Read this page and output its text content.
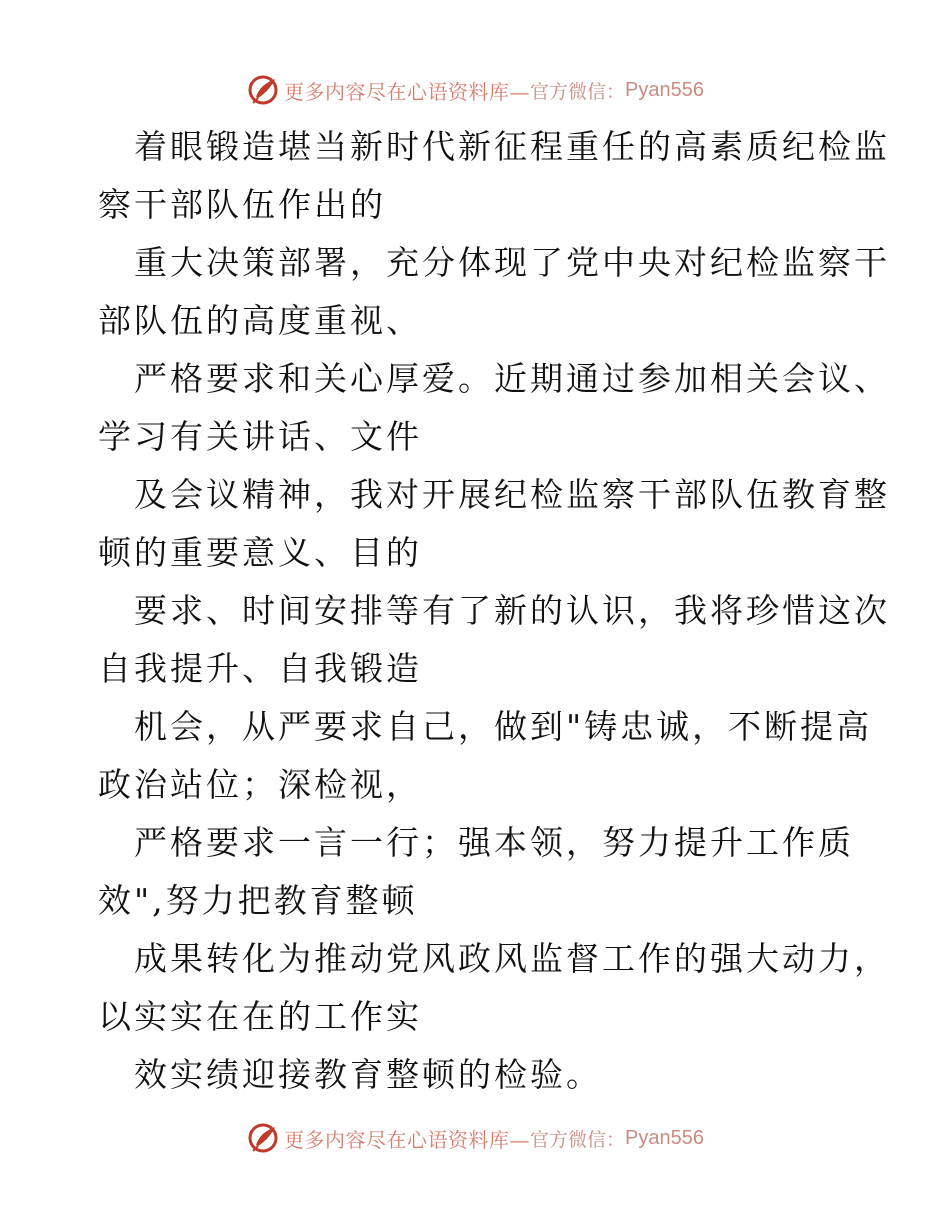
更多内容尽在心语资料库— 官方微信： Pyan556
着眼锻造堪当新时代新征程重任的高素质纪检监
察干部队伍作出的
重大决策部署，充分体现了党中央对纪检监察干
部队伍的高度重视、
严格要求和关心厚爱。近期通过参加相关会议、
学习有关讲话、文件
及会议精神，我对开展纪检监察干部队伍教育整
顿的重要意义、目的
要求、时间安排等有了新的认识，我将珍惜这次
自我提升、自我锻造
机会，从严要求自己，做到"铸忠诚，不断提高
政治站位；深检视，
严格要求一言一行；强本领，努力提升工作质
效",努力把教育整顿
成果转化为推动党风政风监督工作的强大动力，
以实实在在的工作实
效实绩迎接教育整顿的检验。
更多内容尽在心语资料库— 官方微信： Pyan556
